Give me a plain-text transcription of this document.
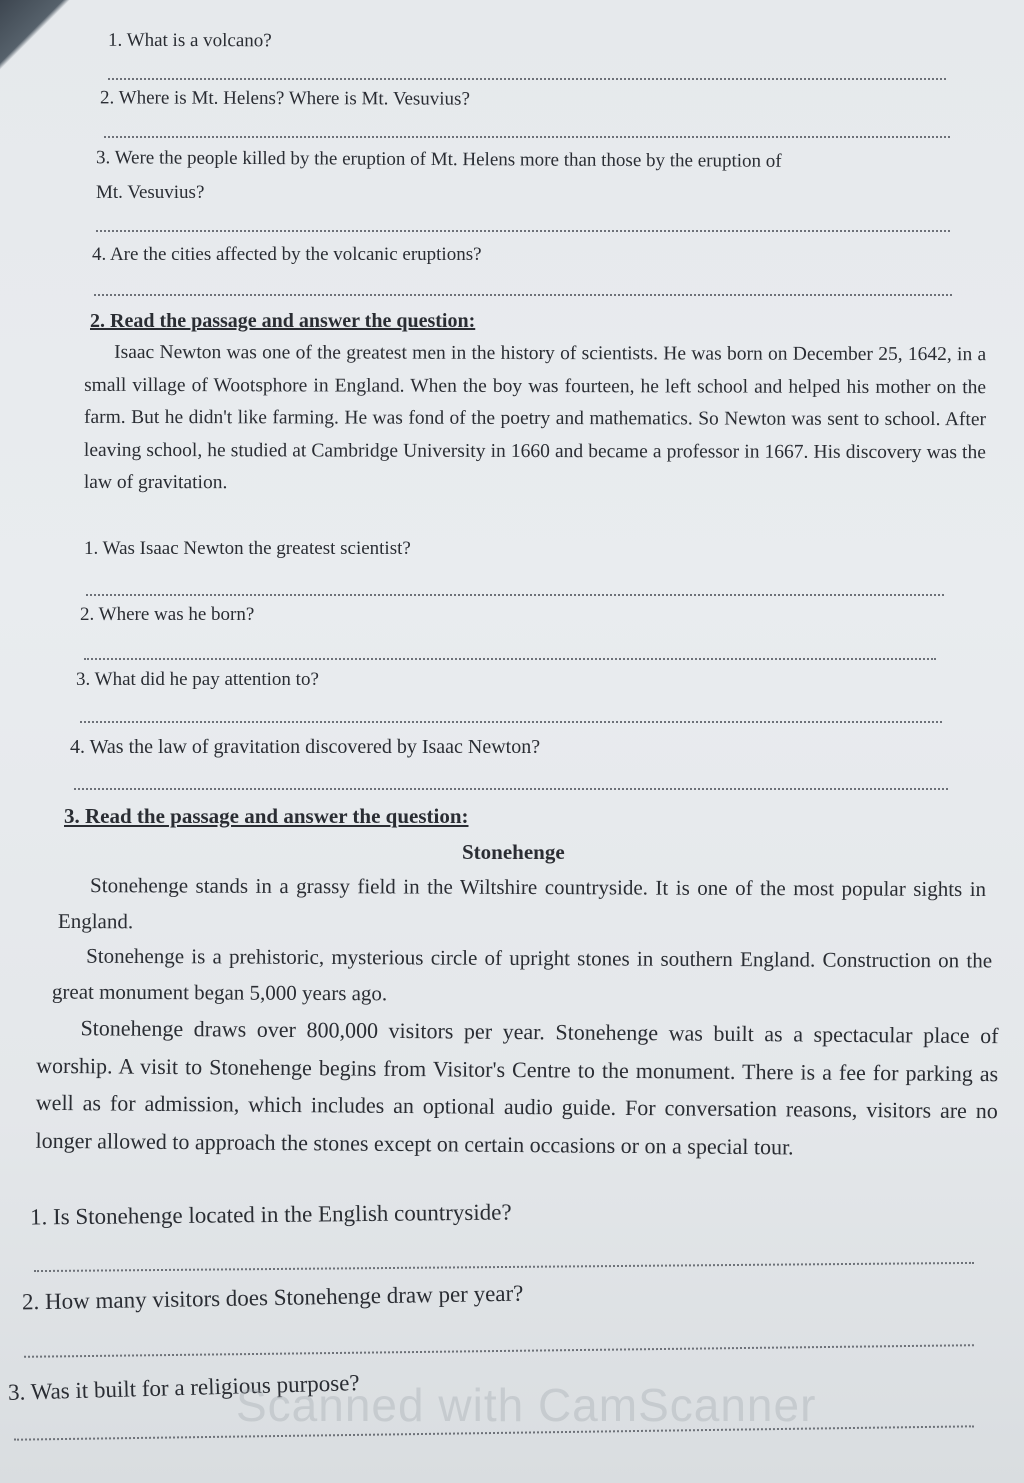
1. What is a volcano?
2. Where is Mt. Helens? Where is Mt. Vesuvius?
3. Were the people killed by the eruption of Mt. Helens more than those by the eruption of
Mt. Vesuvius?
4. Are the cities affected by the volcanic eruptions?
2. Read the passage and answer the question:
Isaac Newton was one of the greatest men in the history of scientists. He was born on December 25, 1642, in a small village of Wootsphore in England. When the boy was fourteen, he left school and helped his mother on the farm. But he didn't like farming. He was fond of the poetry and mathematics. So Newton was sent to school. After leaving school, he studied at Cambridge University in 1660 and became a professor in 1667. His discovery was the law of gravitation.
1. Was Isaac Newton the greatest scientist?
2. Where was he born?
3. What did he pay attention to?
4. Was the law of gravitation discovered by Isaac Newton?
3. Read the passage and answer the question:
Stonehenge
Stonehenge stands in a grassy field in the Wiltshire countryside. It is one of the most popular sights in England.
Stonehenge is a prehistoric, mysterious circle of upright stones in southern England. Construction on the great monument began 5,000 years ago.
Stonehenge draws over 800,000 visitors per year. Stonehenge was built as a spectacular place of worship. A visit to Stonehenge begins from Visitor's Centre to the monument. There is a fee for parking as well as for admission, which includes an optional audio guide. For conversation reasons, visitors are no longer allowed to approach the stones except on certain occasions or on a special tour.
1. Is Stonehenge located in the English countryside?
2. How many visitors does Stonehenge draw per year?
3. Was it built for a religious purpose?
Scanned with CamScanner
